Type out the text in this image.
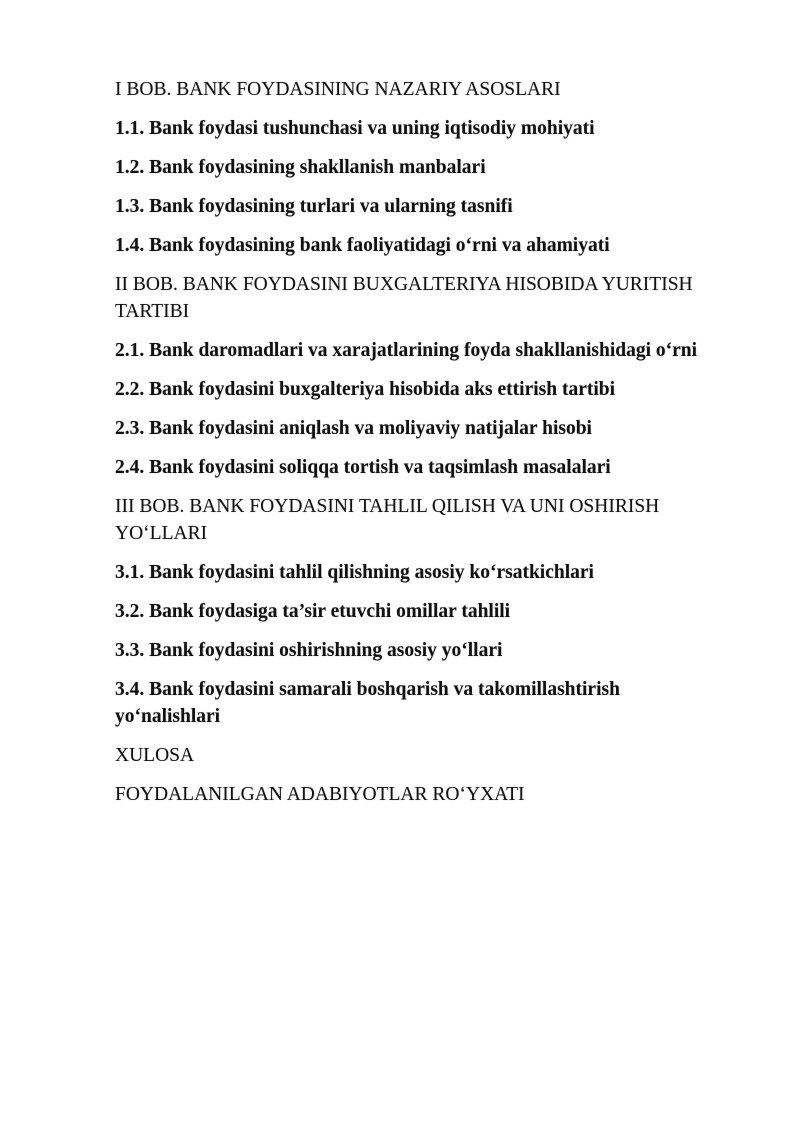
I BOB. BANK FOYDASINING NAZARIY ASOSLARI
1.1. Bank foydasi tushunchasi va uning iqtisodiy mohiyati
1.2. Bank foydasining shakllanish manbalari
1.3. Bank foydasining turlari va ularning tasnifi
1.4. Bank foydasining bank faoliyatidagi o‘rni va ahamiyati
II BOB. BANK FOYDASINI BUXGALTERIYA HISOBIDA YURITISH TARTIBI
2.1. Bank daromadlari va xarajatlarining foyda shakllanishidagi o‘rni
2.2. Bank foydasini buxgalteriya hisobida aks ettirish tartibi
2.3. Bank foydasini aniqlash va moliyaviy natijalar hisobi
2.4. Bank foydasini soliqqa tortish va taqsimlash masalalari
III BOB. BANK FOYDASINI TAHLIL QILISH VA UNI OSHIRISH YO‘LLARI
3.1. Bank foydasini tahlil qilishning asosiy ko‘rsatkichlari
3.2. Bank foydasiga ta’sir etuvchi omillar tahlili
3.3. Bank foydasini oshirishning asosiy yo‘llari
3.4. Bank foydasini samarali boshqarish va takomillashtirish yo‘nalishlari
XULOSA
FOYDALANILGAN ADABIYOTLAR RO‘YXATI
